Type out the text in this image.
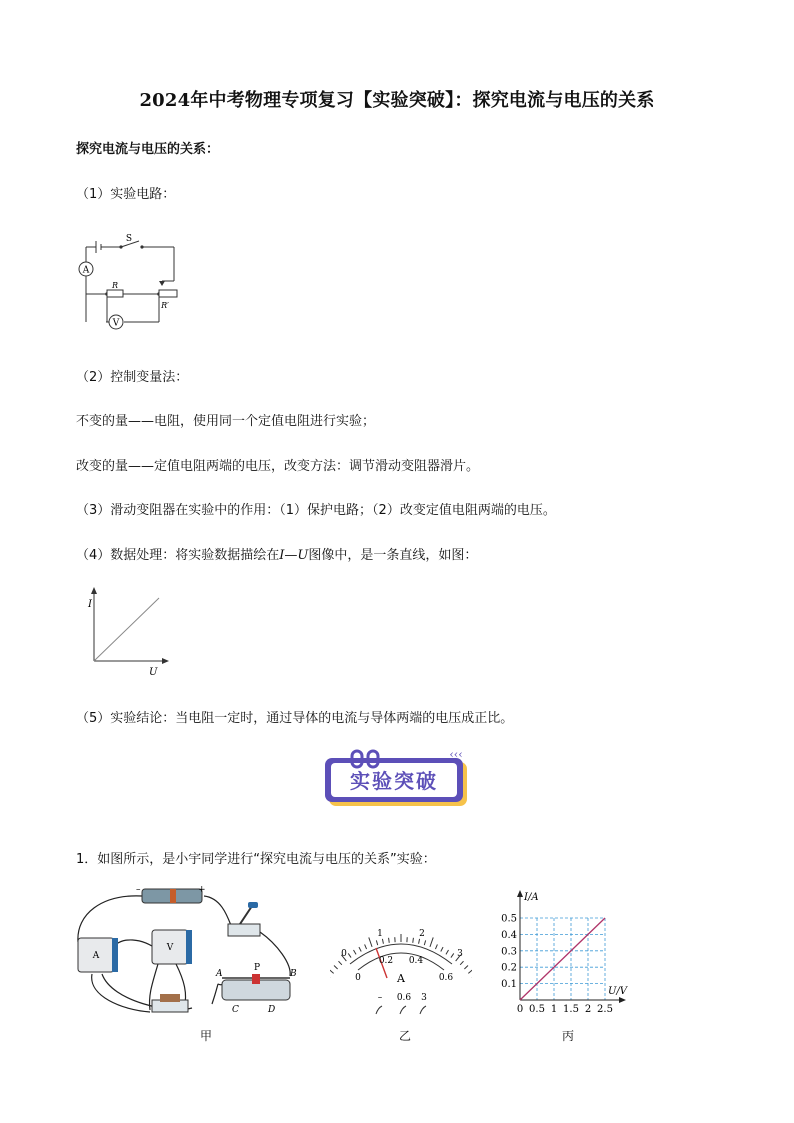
2024年中考物理专项复习【实验突破】：探究电流与电压的关系
探究电流与电压的关系：
（1）实验电路：
A
V
S
R
R′
（2）控制变量法：
不变的量——电阻，使用同一个定值电阻进行实验；
改变的量——定值电阻两端的电压，改变方法：调节滑动变阻器滑片。
（3）滑动变阻器在实验中的作用：（1）保护电路；（2）改变定值电阻两端的电压。
（4）数据处理：将实验数据描绘在I—U图像中，是一条直线，如图：
I
U
（5）实验结论：当电阻一定时，通过导体的电流与导体两端的电压成正比。
实验突破
‹‹‹
1．如图所示，是小宇同学进行“探究电流与电压的关系”实验：
–	+
A
V
A	B
C	D
P
甲
0
1	2
3
0
0.2 0.4
0.6
A
– 0.6 3
乙
0 0.5 1 1.5 2 2.5
0.1
0.2
0.3
0.4
0.5
I/A
U/V
丙
